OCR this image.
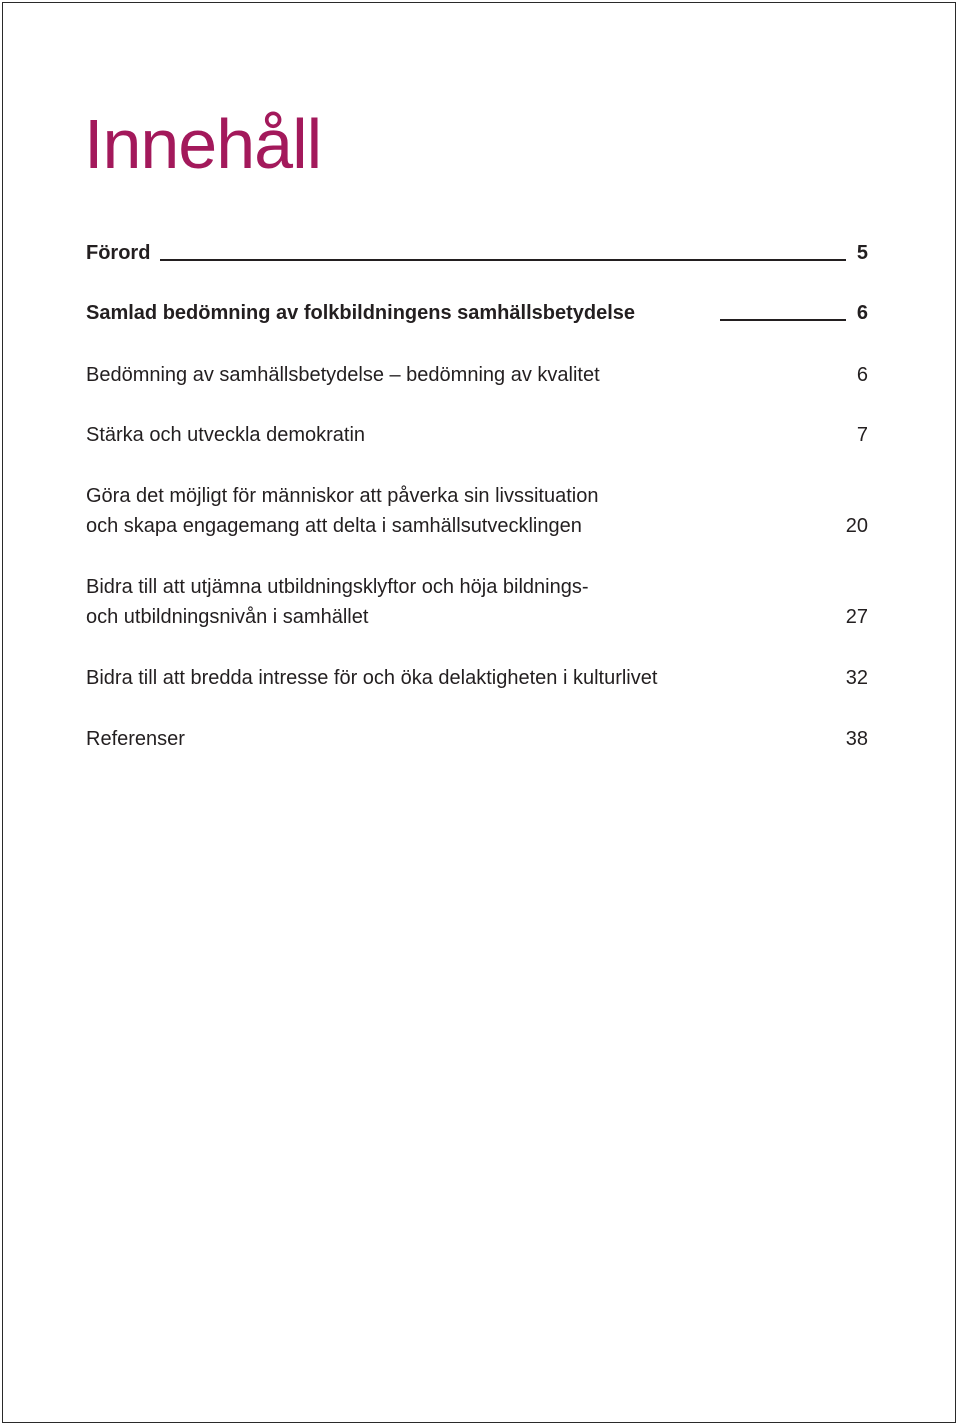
Innehåll
Förord	5
Samlad bedömning av folkbildningens samhällsbetydelse	6
Bedömning av samhällsbetydelse – bedömning av kvalitet	6
Stärka och utveckla demokratin	7
Göra det möjligt för människor att påverka sin livssituation
och skapa engagemang att delta i samhällsutvecklingen	20
Bidra till att utjämna utbildningsklyftor och höja bildnings-
och utbildningsnivån i samhället	27
Bidra till att bredda intresse för och öka delaktigheten i kulturlivet	32
Referenser	38
